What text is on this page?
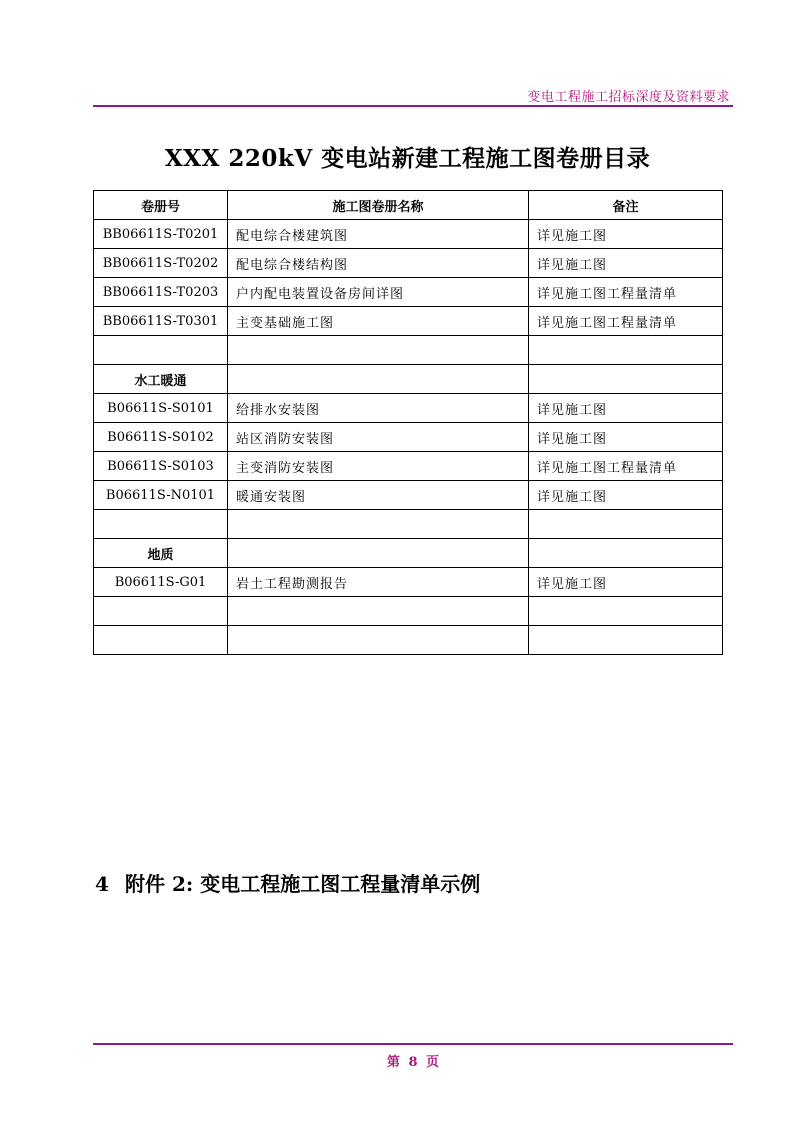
变电工程施工招标深度及资料要求
XXX 220kV 变电站新建工程施工图卷册目录
卷册号	施工图卷册名称	备注
BB06611S-T0201	配电综合楼建筑图	详见施工图
BB06611S-T0202	配电综合楼结构图	详见施工图
BB06611S-T0203	户内配电装置设备房间详图	详见施工图工程量清单
BB06611S-T0301	主变基础施工图	详见施工图工程量清单

水工暖通		
B06611S-S0101	给排水安装图	详见施工图
B06611S-S0102	站区消防安装图	详见施工图
B06611S-S0103	主变消防安装图	详见施工图工程量清单
B06611S-N0101	暖通安装图	详见施工图

地质		
B06611S-G01	岩土工程勘测报告	详见施工图

4 附件 2: 变电工程施工图工程量清单示例
第 8 页
